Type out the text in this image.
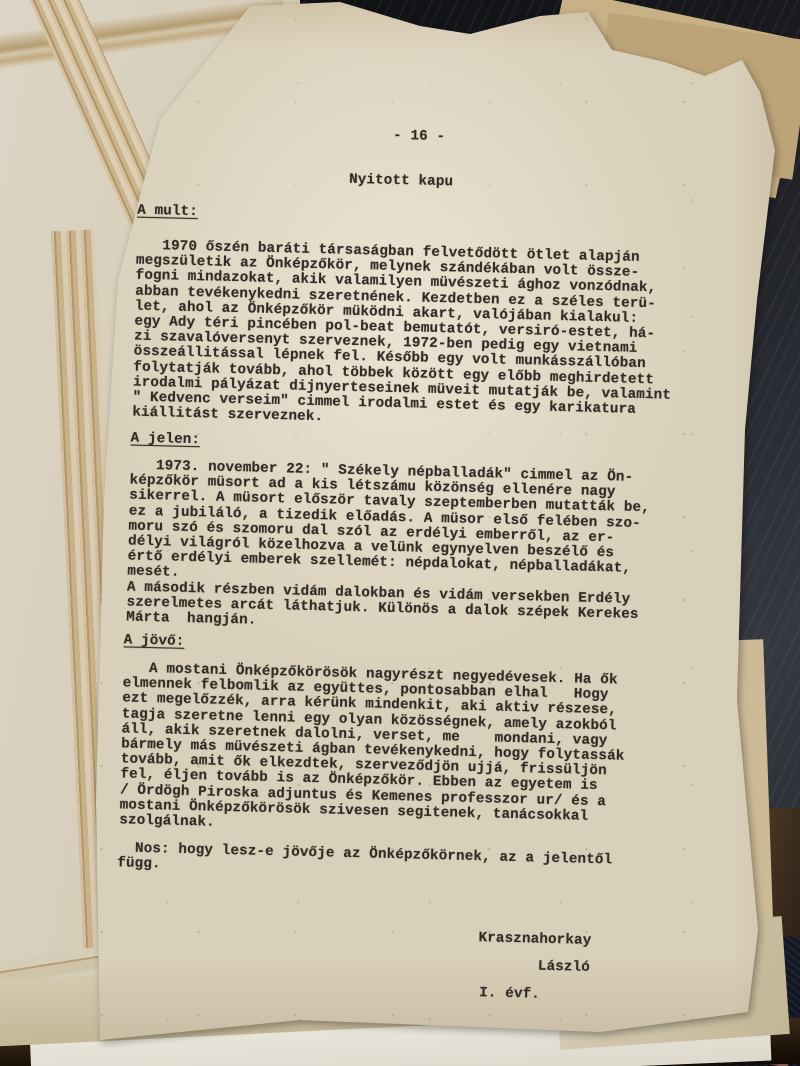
- 16 -
Nyitott kapu
A mult:
1970 őszén baráti társaságban felvetődött ötlet alapján
megszületik az Önképzőkör, melynek szándékában volt össze-
fogni mindazokat, akik valamilyen müvészeti ághoz vonzódnak,
abban tevékenykedni szeretnének. Kezdetben ez a széles terü-
let, ahol az Önképzőkör müködni akart, valójában kialakul:
egy Ady téri pincében pol-beat bemutatót, versiró-estet, há-
zi szavalóversenyt szerveznek, 1972-ben pedig egy vietnami
összeállitással lépnek fel. Később egy volt munkásszállóban
folytatják tovább, ahol többek között egy előbb meghirdetett
irodalmi pályázat dijnyerteseinek müveit mutatják be, valamint
" Kedvenc verseim" cimmel irodalmi estet és egy karikatura
kiállitást szerveznek.
A jelen:
1973. november 22: " Székely népballadák" cimmel az Ön-
képzőkör müsort ad a kis létszámu közönség ellenére nagy
sikerrel. A müsort először tavaly szeptemberben mutatták be,
ez a jubiláló, a tizedik előadás. A müsor első felében szo-
moru szó és szomoru dal szól az erdélyi emberről, az er-
délyi világról közelhozva a velünk egynyelven beszélő és
értő erdélyi emberek szellemét: népdalokat, népballadákat,
mesét.
A második részben vidám dalokban és vidám versekben Erdély
szerelmetes arcát láthatjuk. Különös a dalok szépek Kerekes
Márta  hangján.
A jövő:
A mostani Önképzőkörösök nagyrészt negyedévesek. Ha ők
elmennek felbomlik az együttes, pontosabban elhal   Hogy
ezt megelőzzék, arra kérünk mindenkit, aki aktiv részese,
tagja szeretne lenni egy olyan közösségnek, amely azokból
áll, akik szeretnek dalolni, verset, me    mondani, vagy
bármely más müvészeti ágban tevékenykedni, hogy folytassák
tovább, amit ők elkezdtek, szerveződjön ujjá, frissüljön
fel, éljen tovább is az Önképzőkör. Ebben az egyetem is
/ Ördögh Piroska adjuntus és Kemenes professzor ur/ és a
mostani Önképzőkörösök szivesen segitenek, tanácsokkal
szolgálnak.
Nos: hogy lesz-e jövője az Önképzőkörnek, az a jelentől
függ.
Krasznahorkay
László
I. évf.
